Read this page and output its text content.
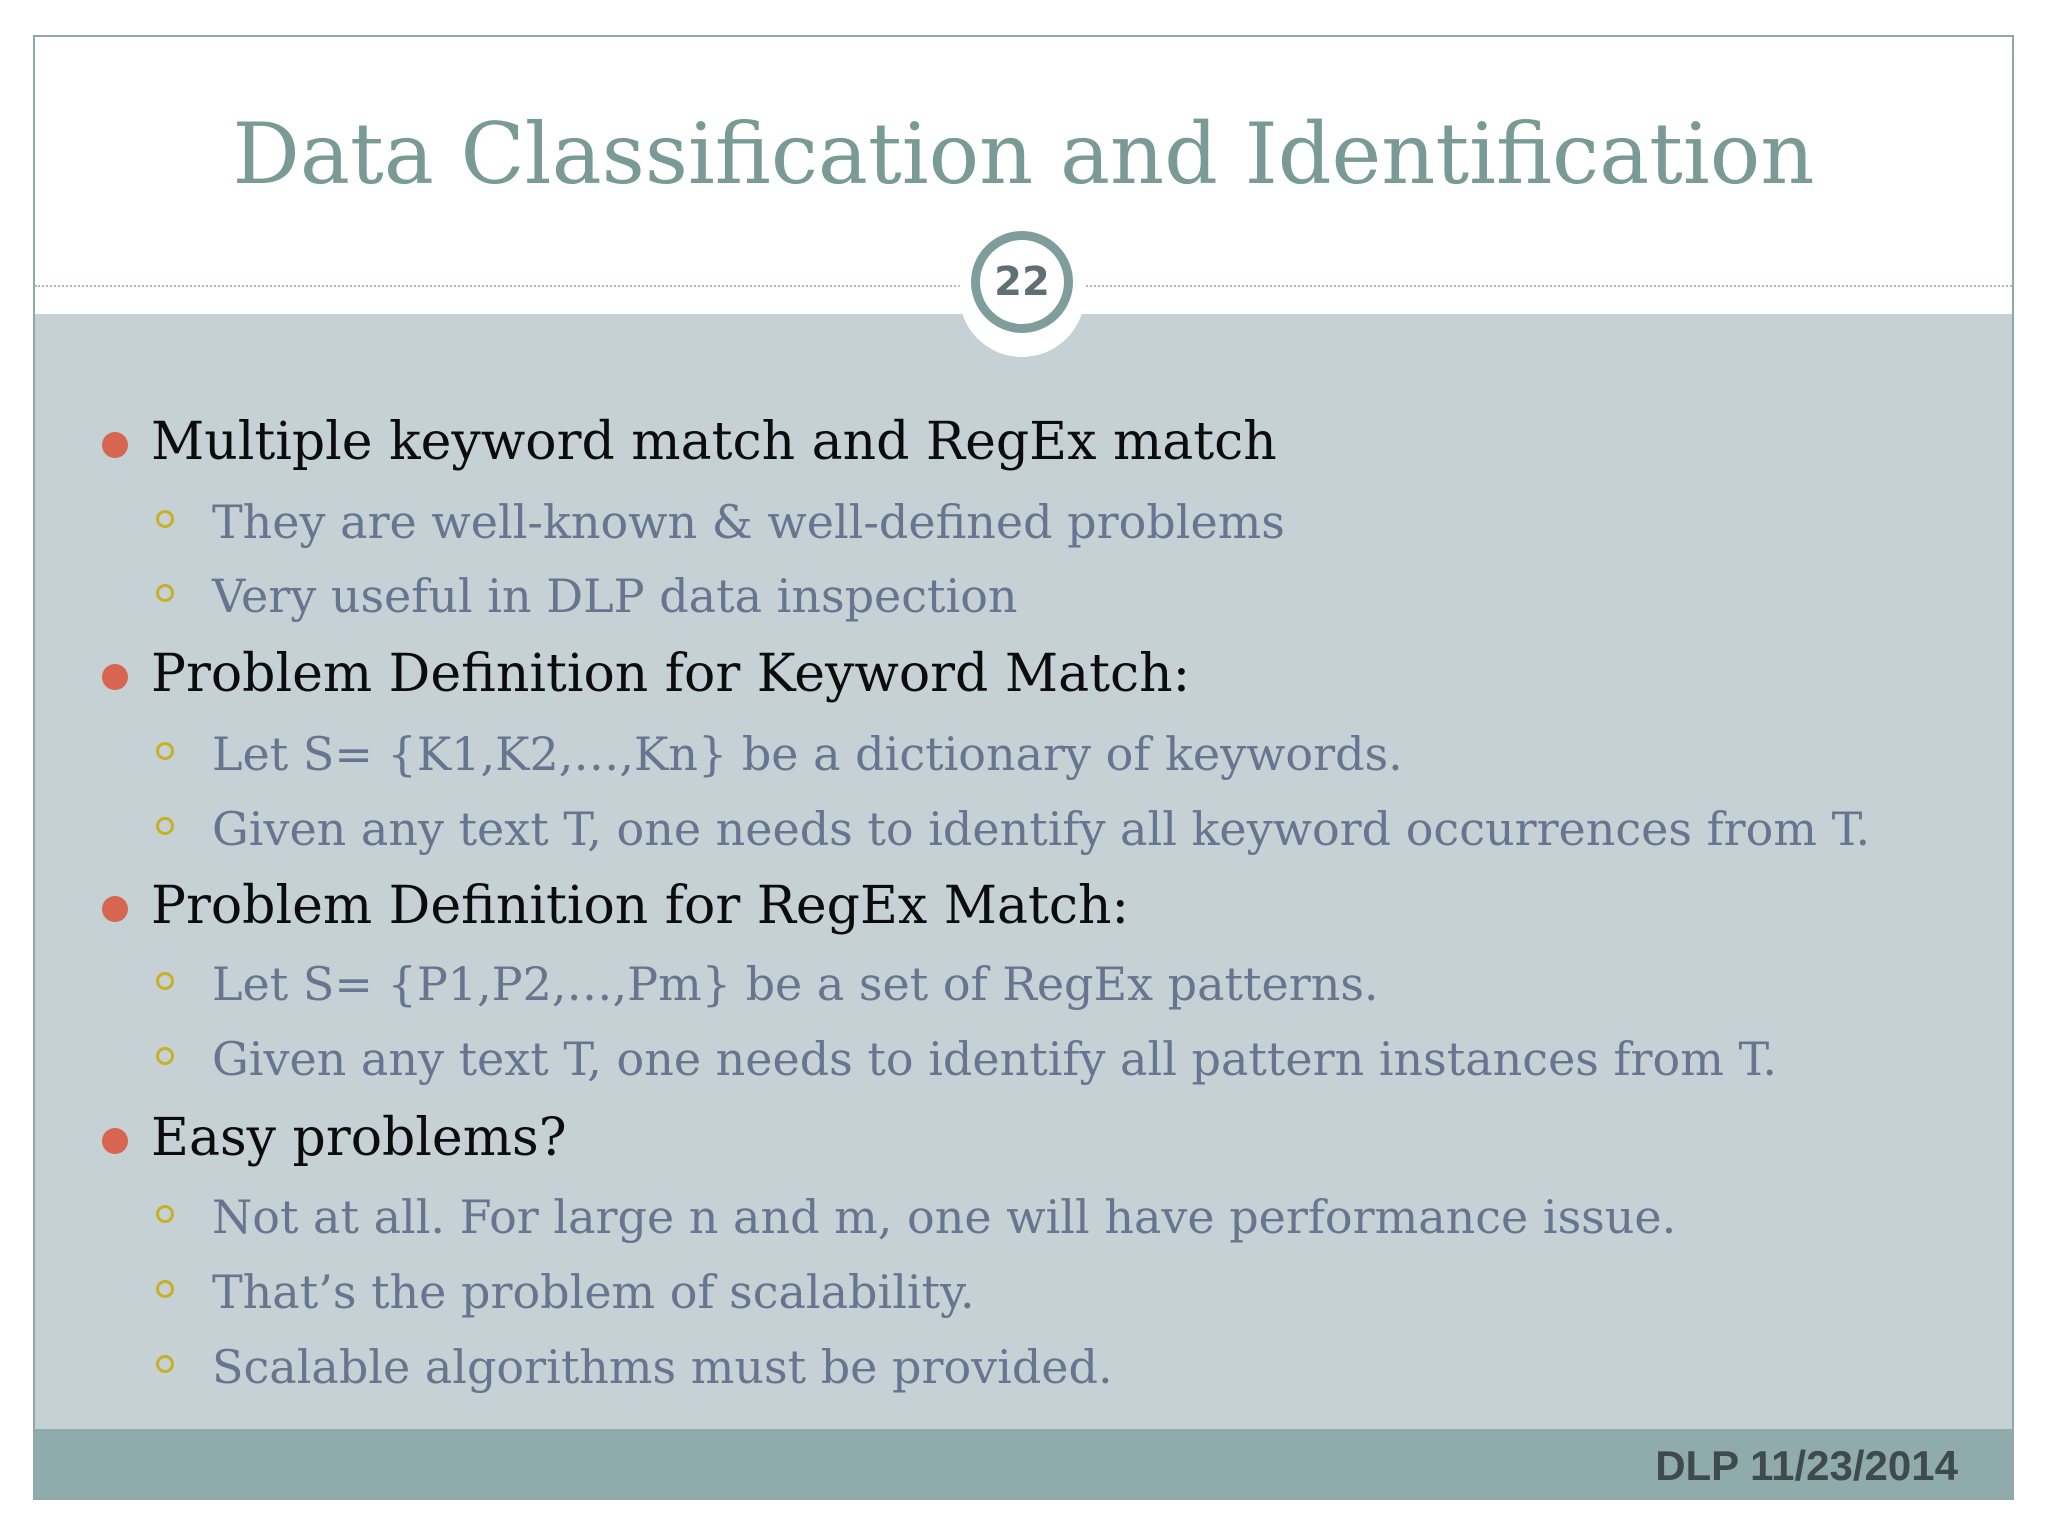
Data Classification and Identification
Multiple keyword match and RegEx match
They are well-known & well-defined problems
Very useful in DLP data inspection
Problem Definition for Keyword Match:
Let S= {K1,K2,…,Kn} be a dictionary of keywords.
Given any text T, one needs to identify all keyword occurrences from T.
Problem Definition for RegEx Match:
Let S= {P1,P2,…,Pm} be a set of RegEx patterns.
Given any text T, one needs to identify all pattern instances from T.
Easy problems?
Not at all. For large n and m, one will have performance issue.
That’s the problem of scalability.
Scalable algorithms must be provided.
22
DLP 11/23/2014
